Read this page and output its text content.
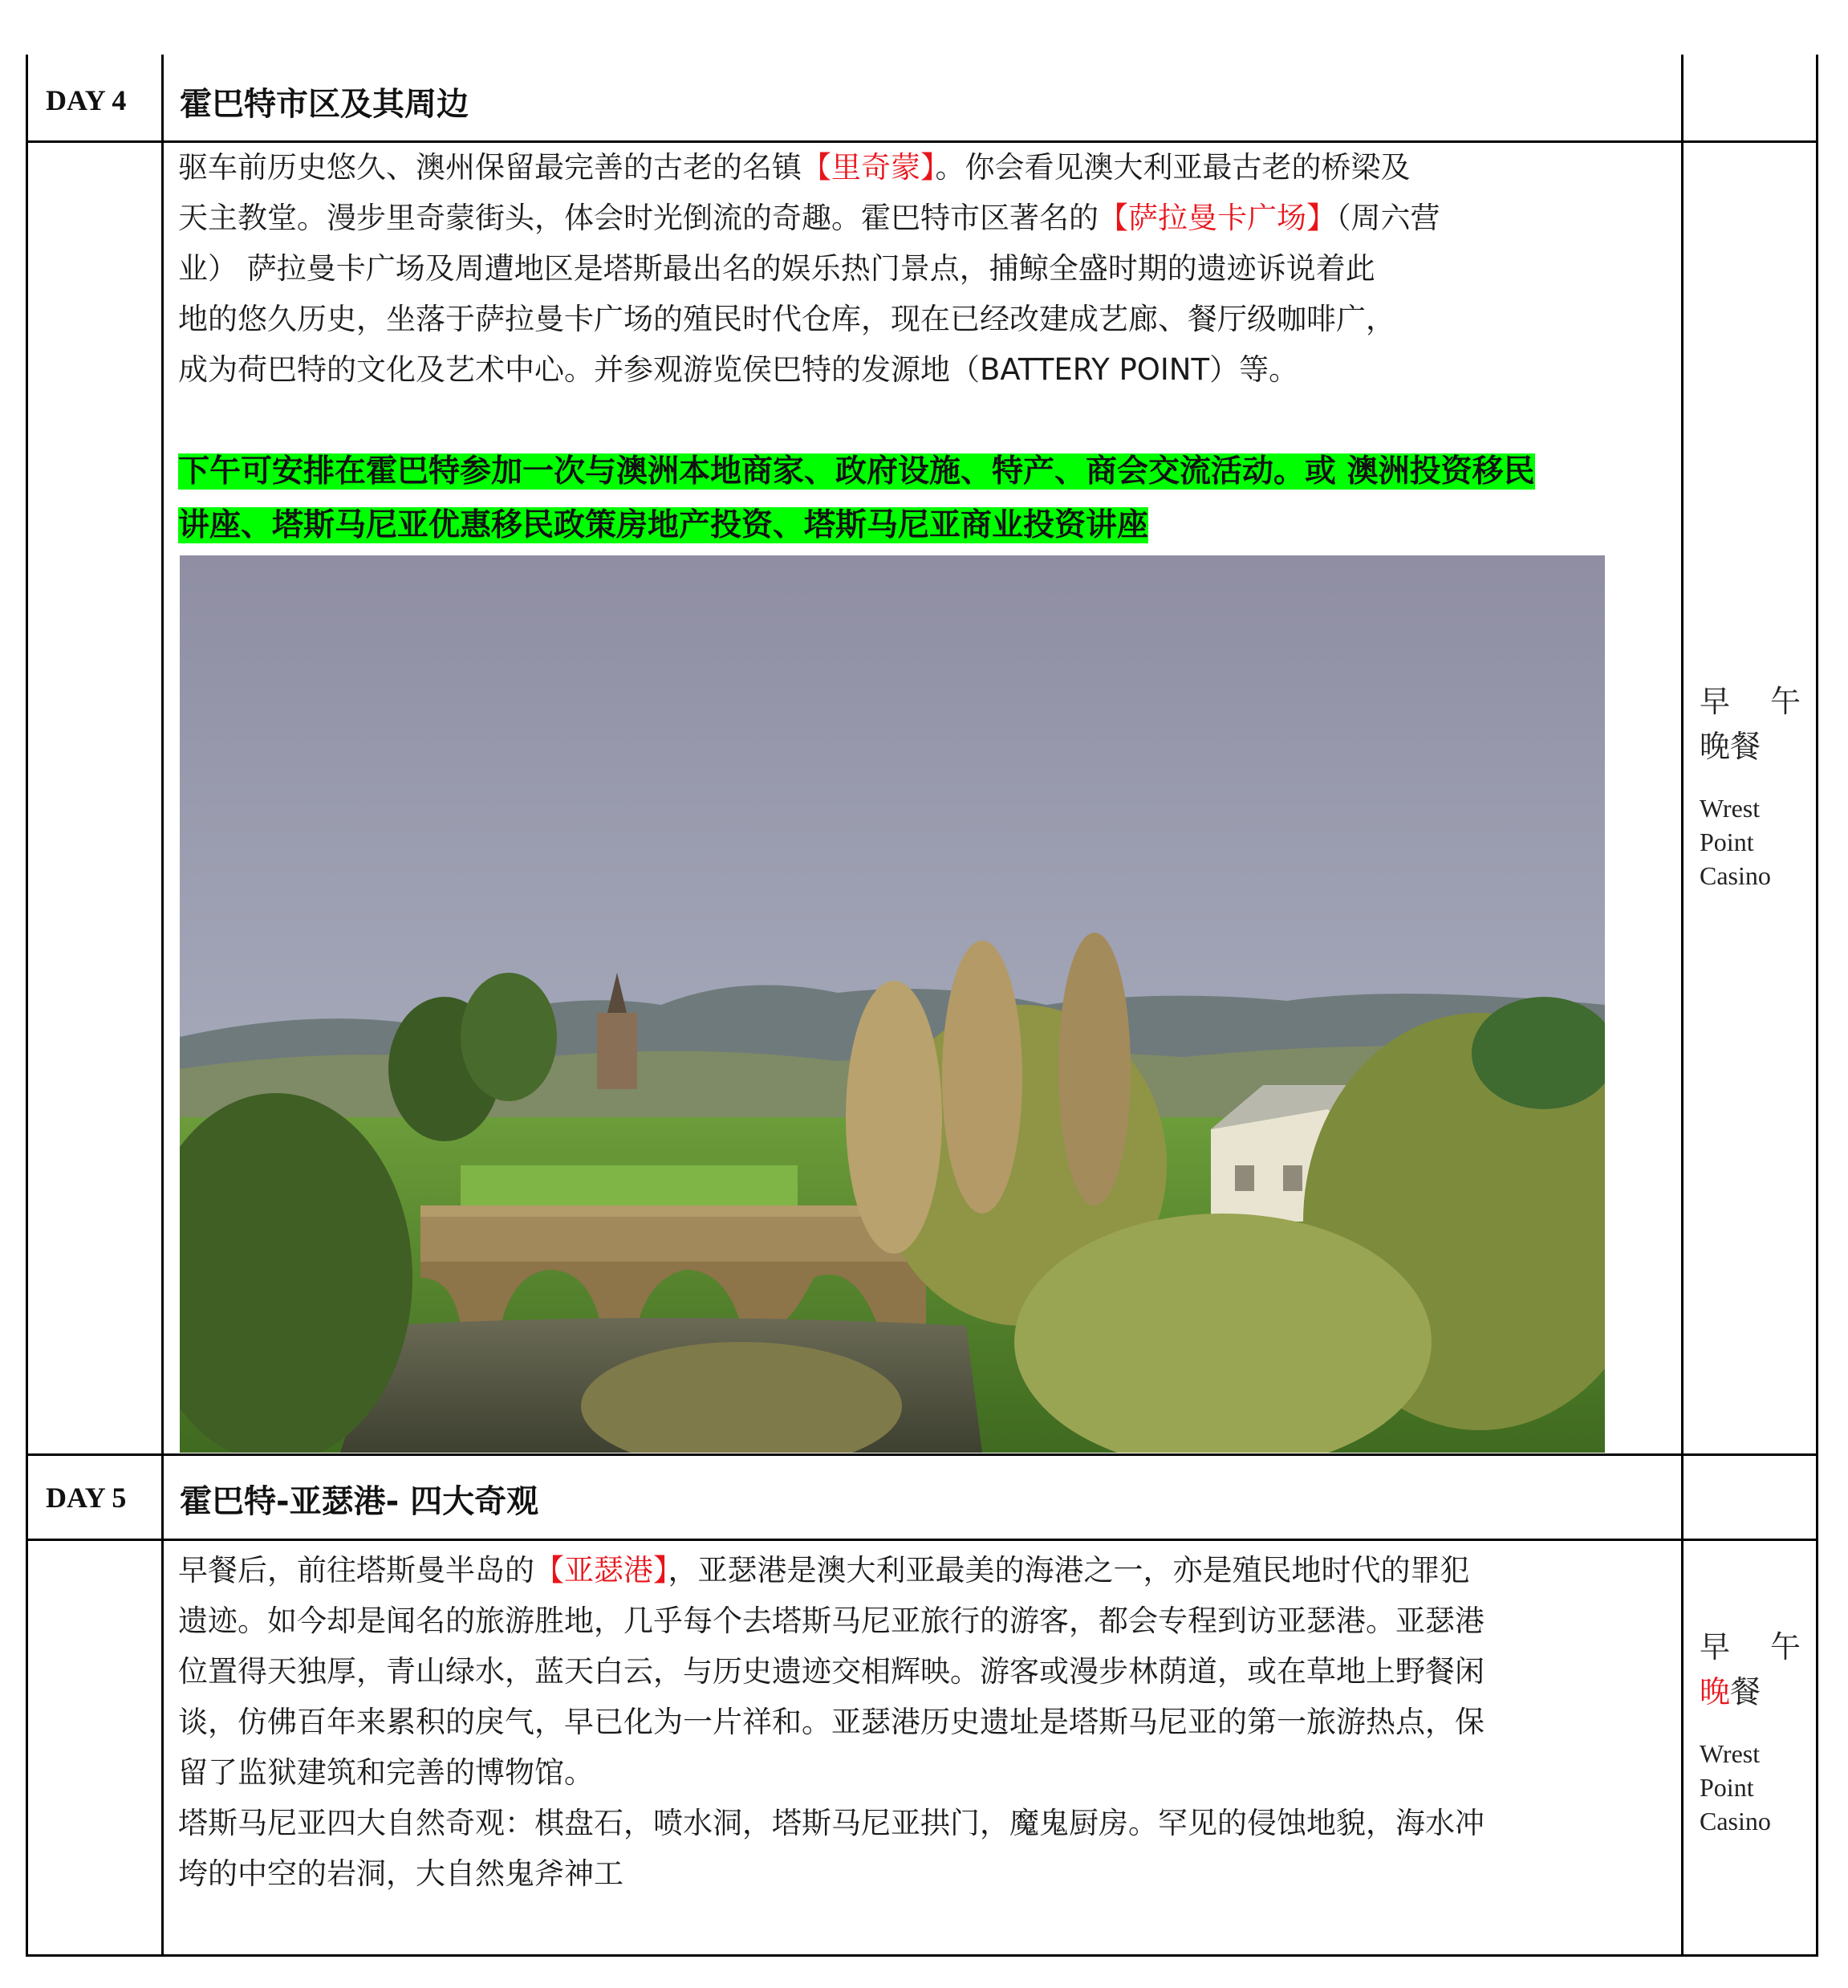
DAY 4 霍巴特市区及其周边
驱车前历史悠久、澳州保留最完善的古老的名镇【里奇蒙】。你会看见澳大利亚最古老的桥梁及
天主教堂。漫步里奇蒙街头，体会时光倒流的奇趣。霍巴特市区著名的【萨拉曼卡广场】（周六营
业） 萨拉曼卡广场及周遭地区是塔斯最出名的娱乐热门景点，捕鲸全盛时期的遗迹诉说着此
地的悠久历史，坐落于萨拉曼卡广场的殖民时代仓库，现在已经改建成艺廊、餐厅级咖啡广，
成为荷巴特的文化及艺术中心。并参观游览侯巴特的发源地（BATTERY POINT）等。
下午可安排在霍巴特参加一次与澳洲本地商家、政府设施、特产、商会交流活动。或 澳洲投资移民
讲座、塔斯马尼亚优惠移民政策房地产投资、塔斯马尼亚商业投资讲座
早 午
晚餐
Wrest
Point
Casino
DAY 5 霍巴特-亚瑟港- 四大奇观
早餐后，前往塔斯曼半岛的【亚瑟港】，亚瑟港是澳大利亚最美的海港之一，亦是殖民地时代的罪犯
遗迹。如今却是闻名的旅游胜地，几乎每个去塔斯马尼亚旅行的游客，都会专程到访亚瑟港。亚瑟港
位置得天独厚，青山绿水，蓝天白云，与历史遗迹交相辉映。游客或漫步林荫道，或在草地上野餐闲
谈，仿佛百年来累积的戾气，早已化为一片祥和。亚瑟港历史遗址是塔斯马尼亚的第一旅游热点，保
留了监狱建筑和完善的博物馆。
塔斯马尼亚四大自然奇观：棋盘石，喷水洞，塔斯马尼亚拱门，魔鬼厨房。罕见的侵蚀地貌，海水冲
垮的中空的岩洞，大自然鬼斧神工
早 午
晚餐
Wrest
Point
Casino
